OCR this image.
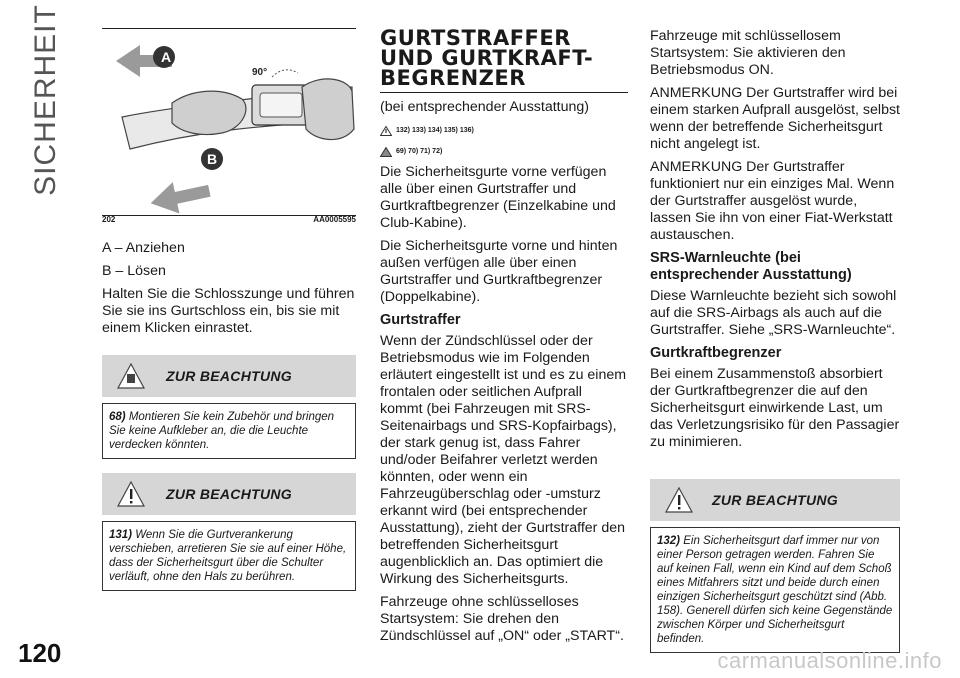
SICHERHEIT	A
B
90°
202	AA0005595

A – Anziehen

B – Lösen

Halten Sie die Schlosszunge und führen Sie sie ins Gurtschloss ein, bis sie mit einem Klicken einrastet.

ZUR BEACHTUNG
68) Montieren Sie kein Zubehör und bringen Sie keine Aufkleber an, die die Leuchte verdecken könnten.
ZUR BEACHTUNG
131) Wenn Sie die Gurtverankerung verschieben, arretieren Sie sie auf einer Höhe, dass der Sicherheitsgurt über die Schulter verläuft, ohne den Hals zu berühren.
GURTSTRAFFER
UND GURTKRAFT-
BEGRENZER

(bei entsprechender Ausstattung)

132) 133) 134) 135) 136)
69) 70) 71) 72)

Die Sicherheitsgurte vorne verfügen alle über einen Gurtstraffer und Gurtkraftbegrenzer (Einzelkabine und Club-Kabine).

Die Sicherheitsgurte vorne und hinten außen verfügen alle über einen Gurtstraffer und Gurtkraftbegrenzer (Doppelkabine).

Gurtstraffer

Wenn der Zündschlüssel oder der Betriebsmodus wie im Folgenden erläutert eingestellt ist und es zu einem frontalen oder seitlichen Aufprall kommt (bei Fahrzeugen mit SRS-Seitenairbags und SRS-Kopfairbags), der stark genug ist, dass Fahrer und/oder Beifahrer verletzt werden könnten, oder wenn ein Fahrzeugüberschlag oder -umsturz erkannt wird (bei entsprechender Ausstattung), zieht der Gurtstraffer den betreffenden Sicherheitsgurt augenblicklich an. Das optimiert die Wirkung des Sicherheitsgurts.

Fahrzeuge ohne schlüsselloses Startsystem: Sie drehen den Zündschlüssel auf „ON“ oder „START“.

Fahrzeuge mit schlüssellosem Startsystem: Sie aktivieren den Betriebsmodus ON.

ANMERKUNG Der Gurtstraffer wird bei einem starken Aufprall ausgelöst, selbst wenn der betreffende Sicherheitsgurt nicht angelegt ist.

ANMERKUNG Der Gurtstraffer funktioniert nur ein einziges Mal. Wenn der Gurtstraffer ausgelöst wurde, lassen Sie ihn von einer Fiat-Werkstatt austauschen.

SRS-Warnleuchte (bei entsprechender Ausstattung)

Diese Warnleuchte bezieht sich sowohl auf die SRS-Airbags als auch auf die Gurtstraffer. Siehe „SRS-Warnleuchte“.

Gurtkraftbegrenzer

Bei einem Zusammenstoß absorbiert der Gurtkraftbegrenzer die auf den Sicherheitsgurt einwirkende Last, um das Verletzungsrisiko für den Passagier zu minimieren.

ZUR BEACHTUNG
132) Ein Sicherheitsgurt darf immer nur von einer Person getragen werden. Fahren Sie auf keinen Fall, wenn ein Kind auf dem Schoß eines Mitfahrers sitzt und beide durch einen einzigen Sicherheitsgurt geschützt sind (Abb. 158). Generell dürfen sich keine Gegenstände zwischen Körper und Sicherheitsgurt befinden.
120	carmanualsonline.info
